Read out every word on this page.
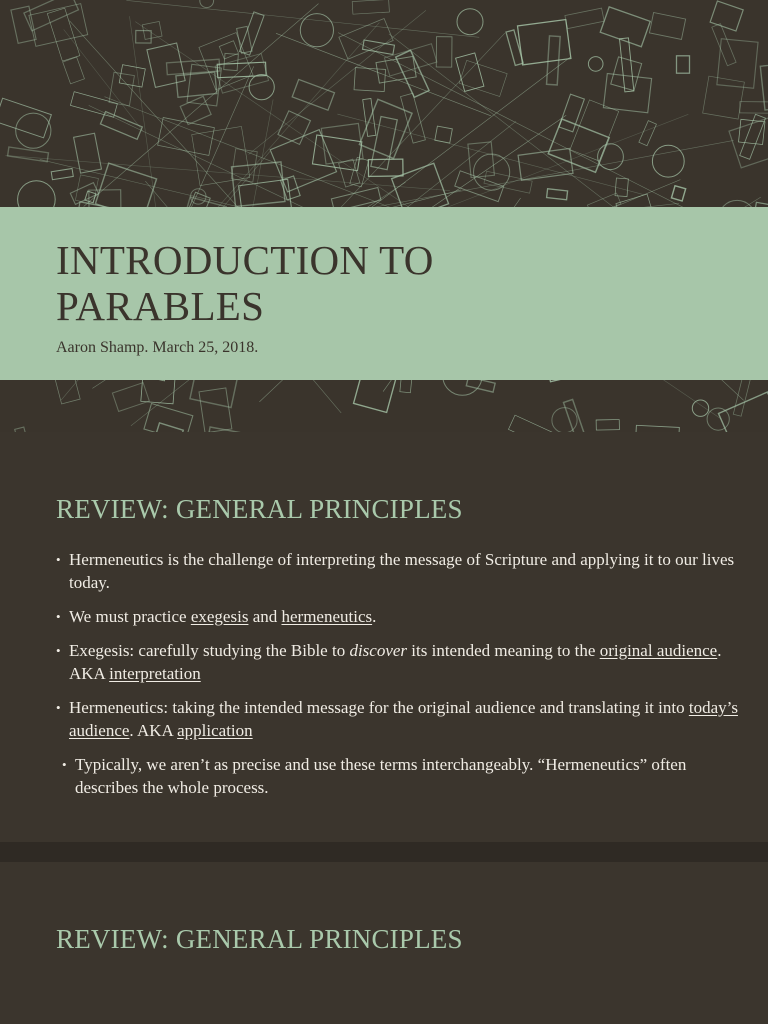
INTRODUCTION TO
PARABLES

Aaron Shamp. March 25, 2018.

REVIEW: GENERAL PRINCIPLES
• Hermeneutics is the challenge of interpreting the message of Scripture and applying it to our lives today.
• We must practice exegesis and hermeneutics.
• Exegesis: carefully studying the Bible to discover its intended meaning to the original audience. AKA interpretation
• Hermeneutics: taking the intended message for the original audience and translating it into today’s audience. AKA application
• Typically, we aren’t as precise and use these terms interchangeably. “Hermeneutics” often describes the whole process.
REVIEW: GENERAL PRINCIPLES
